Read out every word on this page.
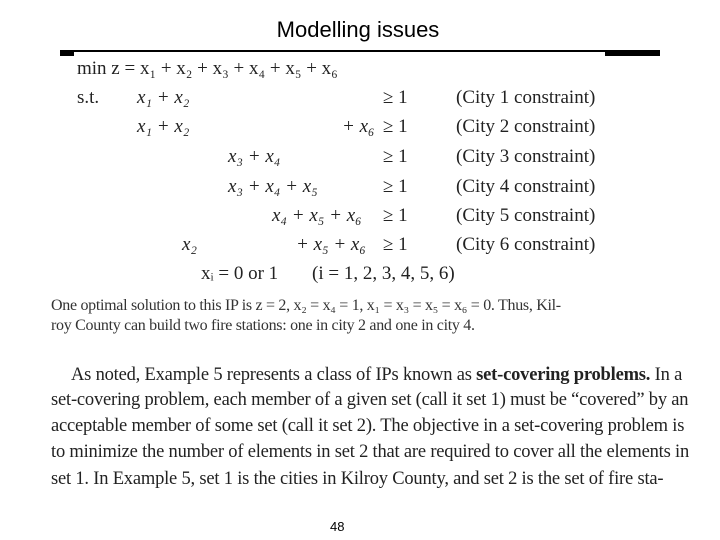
Modelling issues
min z = x₁ + x₂ + x₃ + x₄ + x₅ + x₆
s.t. x₁ + x₂	≥ 1	(City 1 constraint)
x₁ + x₂	+ x₆ ≥ 1	(City 2 constraint)
x₃ + x₄	≥ 1	(City 3 constraint)
x₃ + x₄ + x₅	≥ 1	(City 4 constraint)
x₄ + x₅ + x₆ ≥ 1	(City 5 constraint)
x₂	+ x₅ + x₆ ≥ 1	(City 6 constraint)
xᵢ = 0 or 1 (i = 1, 2, 3, 4, 5, 6)
One optimal solution to this IP is z = 2, x₂ = x₄ = 1, x₁ = x₃ = x₅ = x₆ = 0. Thus, Kil-
roy County can build two fire stations: one in city 2 and one in city 4.
As noted, Example 5 represents a class of IPs known as set-covering problems. In a
set-covering problem, each member of a given set (call it set 1) must be “covered” by an
acceptable member of some set (call it set 2). The objective in a set-covering problem is
to minimize the number of elements in set 2 that are required to cover all the elements in
set 1. In Example 5, set 1 is the cities in Kilroy County, and set 2 is the set of fire sta-
48
